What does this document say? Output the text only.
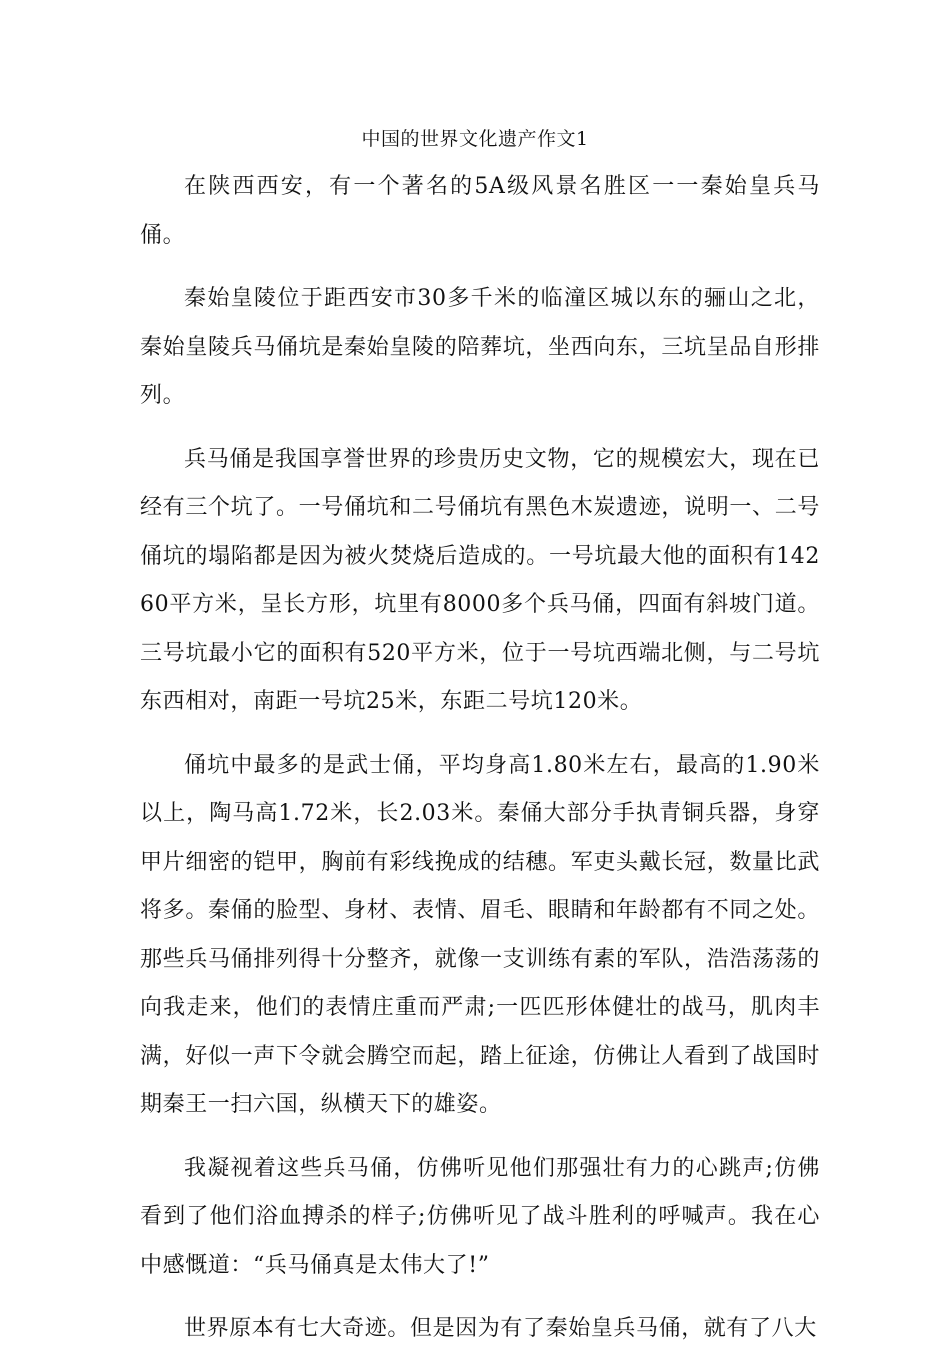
中国的世界文化遗产作文1

在陕西西安，有一个著名的5A级风景名胜区一一秦始皇兵马俑。

秦始皇陵位于距西安市30多千米的临潼区城以东的骊山之北，秦始皇陵兵马俑坑是秦始皇陵的陪葬坑，坐西向东，三坑呈品自形排列。

兵马俑是我国享誉世界的珍贵历史文物，它的规模宏大，现在已经有三个坑了。一号俑坑和二号俑坑有黑色木炭遗迹，说明一、二号俑坑的塌陷都是因为被火焚烧后造成的。一号坑最大他的面积有14260平方米，呈长方形，坑里有8000多个兵马俑，四面有斜坡门道。三号坑最小它的面积有520平方米，位于一号坑西端北侧，与二号坑东西相对，南距一号坑25米，东距二号坑120米。

俑坑中最多的是武士俑，平均身高1.80米左右，最高的1.90米以上，陶马高1.72米，长2.03米。秦俑大部分手执青铜兵器，身穿甲片细密的铠甲，胸前有彩线挽成的结穗。军吏头戴长冠，数量比武将多。秦俑的脸型、身材、表情、眉毛、眼睛和年龄都有不同之处。那些兵马俑排列得十分整齐，就像一支训练有素的军队，浩浩荡荡的向我走来，他们的表情庄重而严肃;一匹匹形体健壮的战马，肌肉丰满，好似一声下令就会腾空而起，踏上征途，仿佛让人看到了战国时期秦王一扫六国，纵横天下的雄姿。

我凝视着这些兵马俑，仿佛听见他们那强壮有力的心跳声;仿佛看到了他们浴血搏杀的样子;仿佛听见了战斗胜利的呼喊声。我在心中感慨道：“兵马俑真是太伟大了!”

世界原本有七大奇迹。但是因为有了秦始皇兵马俑，就有了八大
